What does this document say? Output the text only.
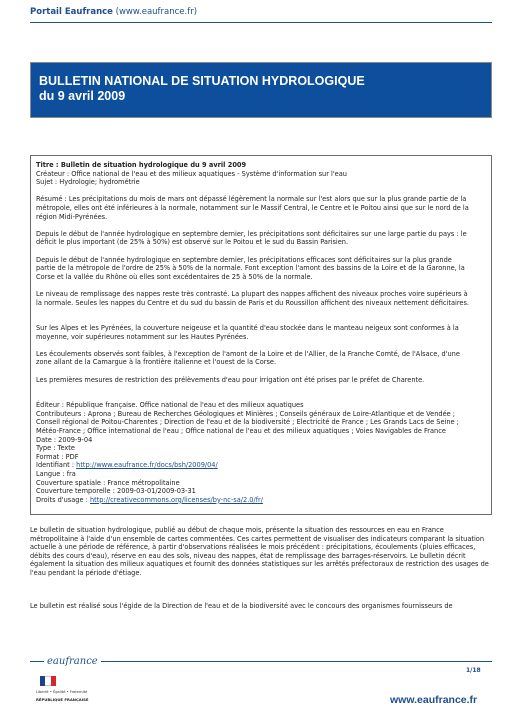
Portail Eaufrance (www.eaufrance.fr)
BULLETIN NATIONAL DE SITUATION HYDROLOGIQUE
du 9 avril 2009

Titre : Bulletin de situation hydrologique du 9 avril 2009

Créateur : Office national de l'eau et des milieux aquatiques - Système d'information sur l'eau

Sujet : Hydrologie; hydrométrie

Résumé : Les précipitations du mois de mars ont dépassé légèrement la normale sur l'est alors que sur la plus grande partie de la métropole, elles ont été inférieures à la normale, notamment sur le Massif Central, le Centre et le Poitou ainsi que sur le nord de la région Midi-Pyrénées.

Depuis le début de l'année hydrologique en septembre dernier, les précipitations sont déficitaires sur une large partie du pays : le déficit le plus important (de 25% à 50%) est observé sur le Poitou et le sud du Bassin Parisien.

Depuis le début de l'année hydrologique en septembre dernier, les précipitations efficaces sont déficitaires sur la plus grande partie de la métropole de l'ordre de 25% à 50% de la normale. Font exception l'amont des bassins de la Loire et de la Garonne, la Corse et la vallée du Rhône où elles sont excédentaires de 25 à 50% de la normale.

Le niveau de remplissage des nappes reste très contrasté. La plupart des nappes affichent des niveaux proches voire supérieurs à la normale. Seules les nappes du Centre et du sud du bassin de Paris et du Roussillon affichent des niveaux nettement déficitaires.

Sur les Alpes et les Pyrénées, la couverture neigeuse et la quantité d'eau stockée dans le manteau neigeux sont conformes à la moyenne, voir supérieures notamment sur les Hautes Pyrénées.

Les écoulements observés sont faibles, à l'exception de l'amont de la Loire et de l'Allier, de la Franche Comté, de l'Alsace, d'une zone allant de la Camargue à la frontière italienne et l'ouest de la Corse.

Les premières mesures de restriction des prélèvements d'eau pour irrigation ont été prises par le préfet de Charente.

Éditeur : République française. Office national de l'eau et des milieux aquatiques

Contributeurs : Aprona ; Bureau de Recherches Géologiques et Minières ; Conseils généraux de Loire-Atlantique et de Vendée ; Conseil régional de Poitou-Charentes ; Direction de l'eau et de la biodiversité ; Electricité de France ; Les Grands Lacs de Seine ; Météo-France ; Office international de l'eau ; Office national de l'eau et des milieux aquatiques ; Voies Navigables de France

Date : 2009-9-04

Type : Texte

Format : PDF

Identifiant : http://www.eaufrance.fr/docs/bsh/2009/04/

Langue : fra

Couverture spatiale : France métropolitaine

Couverture temporelle : 2009-03-01/2009-03-31

Droits d'usage : http://creativecommons.org/licenses/by-nc-sa/2.0/fr/

Le bulletin de situation hydrologique, publié au début de chaque mois, présente la situation des ressources en eau en France métropolitaine à l'aide d'un ensemble de cartes commentées. Ces cartes permettent de visualiser des indicateurs comparant la situation actuelle à une période de référence, à partir d'observations réalisées le mois précédent : précipitations, écoulements (pluies efficaces, débits des cours d'eau), réserve en eau des sols, niveau des nappes, état de remplissage des barrages-réservoirs. Le bulletin décrit également la situation des milieux aquatiques et fournit des données statistiques sur les arrêtés préfectoraux de restriction des usages de l'eau pendant la période d'étiage.

Le bulletin est réalisé sous l'égide de la Direction de l'eau et de la biodiversité avec le concours des organismes fournisseurs de

eaufrance
Liberté • Égalité • Fraternité
RÉPUBLIQUE FRANÇAISE
1/18
www.eaufrance.fr
